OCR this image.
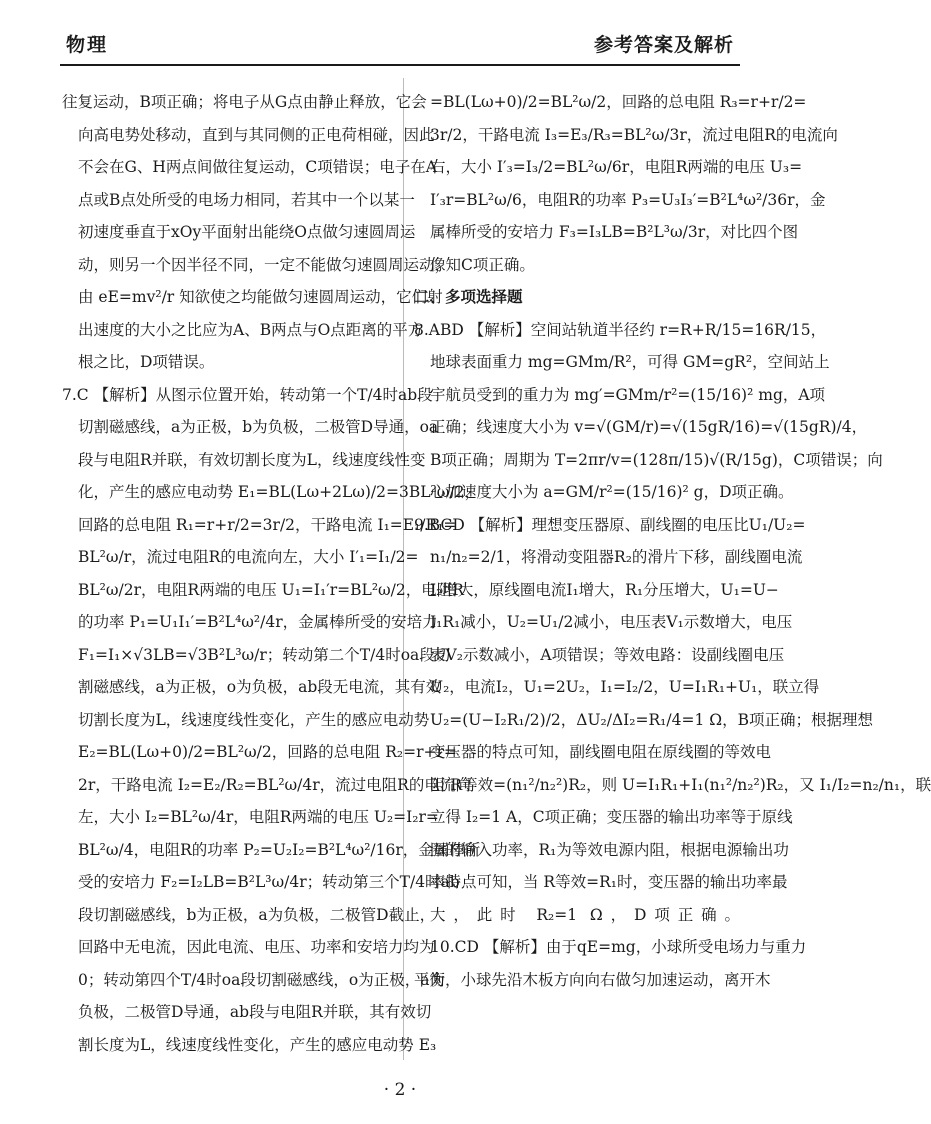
物理	参考答案及解析
往复运动，B项正确；将电子从G点由静止释放，它会
向高电势处移动，直到与其同侧的正电荷相碰，因此
不会在G、H两点间做往复运动，C项错误；电子在A
点或B点处所受的电场力相同，若其中一个以某一
初速度垂直于xOy平面射出能绕O点做匀速圆周运
动，则另一个因半径不同，一定不能做匀速圆周运动，
由 eE=mv²/r 知欲使之均能做匀速圆周运动，它们射
出速度的大小之比应为A、B两点与O点距离的平方
根之比，D项错误。
7.C 【解析】从图示位置开始，转动第一个T/4时ab段
切割磁感线，a为正极，b为负极，二极管D导通，oa
段与电阻R并联，有效切割长度为L，线速度线性变
化，产生的感应电动势 E₁=BL(Lω+2Lω)/2=3BL²ω/2，
回路的总电阻 R₁=r+r/2=3r/2，干路电流 I₁=E₁/R₁=
BL²ω/r，流过电阻R的电流向左，大小 I′₁=I₁/2=
BL²ω/2r，电阻R两端的电压 U₁=I₁′r=BL²ω/2，电阻R
的功率 P₁=U₁I₁′=B²L⁴ω²/4r，金属棒所受的安培力
F₁=I₁×√3LB=√3B²L³ω/r；转动第二个T/4时oa段切
割磁感线，a为正极，o为负极，ab段无电流，其有效
切割长度为L，线速度线性变化，产生的感应电动势
E₂=BL(Lω+0)/2=BL²ω/2，回路的总电阻 R₂=r+r=
2r，干路电流 I₂=E₂/R₂=BL²ω/4r，流过电阻R的电流向
左，大小 I₂=BL²ω/4r，电阻R两端的电压 U₂=I₂r=
BL²ω/4，电阻R的功率 P₂=U₂I₂=B²L⁴ω²/16r，金属棒所
受的安培力 F₂=I₂LB=B²L³ω/4r；转动第三个T/4时ab
段切割磁感线，b为正极，a为负极，二极管D截止，
回路中无电流，因此电流、电压、功率和安培力均为
0；转动第四个T/4时oa段切割磁感线，o为正极，a为
负极，二极管D导通，ab段与电阻R并联，其有效切
割长度为L，线速度线性变化，产生的感应电动势 E₃
=BL(Lω+0)/2=BL²ω/2，回路的总电阻 R₃=r+r/2=
3r/2，干路电流 I₃=E₃/R₃=BL²ω/3r，流过电阻R的电流向
右，大小 I′₃=I₃/2=BL²ω/6r，电阻R两端的电压 U₃=
I′₃r=BL²ω/6，电阻R的功率 P₃=U₃I₃′=B²L⁴ω²/36r，金
属棒所受的安培力 F₃=I₃LB=B²L³ω/3r，对比四个图
像知C项正确。
二、多项选择题
8.ABD 【解析】空间站轨道半径约 r=R+R/15=16R/15，
地球表面重力 mg=GMm/R²，可得 GM=gR²，空间站上
宇航员受到的重力为 mg′=GMm/r²=(15/16)² mg，A项
正确；线速度大小为 v=√(GM/r)=√(15gR/16)=√(15gR)/4，
B项正确；周期为 T=2πr/v=(128π/15)√(R/15g)，C项错误；向
心加速度大小为 a=GM/r²=(15/16)² g，D项正确。
9.BCD 【解析】理想变压器原、副线圈的电压比U₁/U₂=
n₁/n₂=2/1，将滑动变阻器R₂的滑片下移，副线圈电流
I₂增大，原线圈电流I₁增大，R₁分压增大，U₁=U−
I₁R₁减小，U₂=U₁/2减小，电压表V₁示数增大，电压
表V₂示数减小，A项错误；等效电路：设副线圈电压
U₂，电流I₂，U₁=2U₂，I₁=I₂/2，U=I₁R₁+U₁，联立得
U₂=(U−I₂R₁/2)/2，ΔU₂/ΔI₂=R₁/4=1 Ω，B项正确；根据理想
变压器的特点可知，副线圈电阻在原线圈的等效电
阻 R等效=(n₁²/n₂²)R₂，则 U=I₁R₁+I₁(n₁²/n₂²)R₂，又 I₁/I₂=n₂/n₁，联
立得 I₂=1 A，C项正确；变压器的输出功率等于原线
圈的输入功率，R₁为等效电源内阻，根据电源输出功
率特点可知，当 R等效=R₁时，变压器的输出功率最
大，此时 R₂=1 Ω，D项正确。
10.CD 【解析】由于qE=mg，小球所受电场力与重力
平衡，小球先沿木板方向向右做匀加速运动，离开木
· 2 ·
